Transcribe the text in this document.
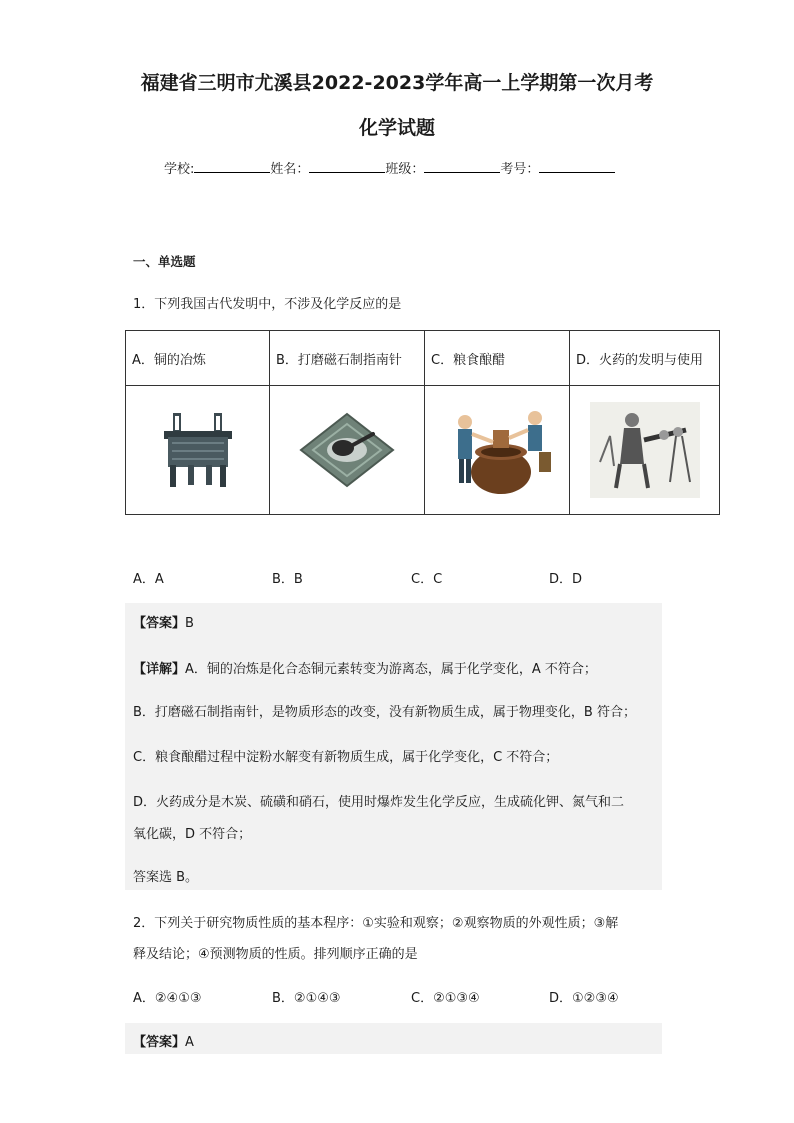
福建省三明市尤溪县2022-2023学年高一上学期第一次月考
化学试题
学校:	姓名：	班级：	考号：
一、单选题
1．下列我国古代发明中，不涉及化学反应的是
A．铜的冶炼	B．打磨磁石制指南针	C．粮食酿醋	D．火药的发明与使用

A．A	B．B	C．C	D．D
【答案】B
【详解】A．铜的冶炼是化合态铜元素转变为游离态，属于化学变化，A 不符合；
B．打磨磁石制指南针，是物质形态的改变，没有新物质生成，属于物理变化，B 符合；
C．粮食酿醋过程中淀粉水解变有新物质生成，属于化学变化，C 不符合；
D．火药成分是木炭、硫磺和硝石，使用时爆炸发生化学反应，生成硫化钾、氮气和二
氧化碳，D 不符合；
答案选 B。
2．下列关于研究物质性质的基本程序：①实验和观察；②观察物质的外观性质；③解
释及结论；④预测物质的性质。排列顺序正确的是
A．②④①③	B．②①④③	C．②①③④	D．①②③④
【答案】A
